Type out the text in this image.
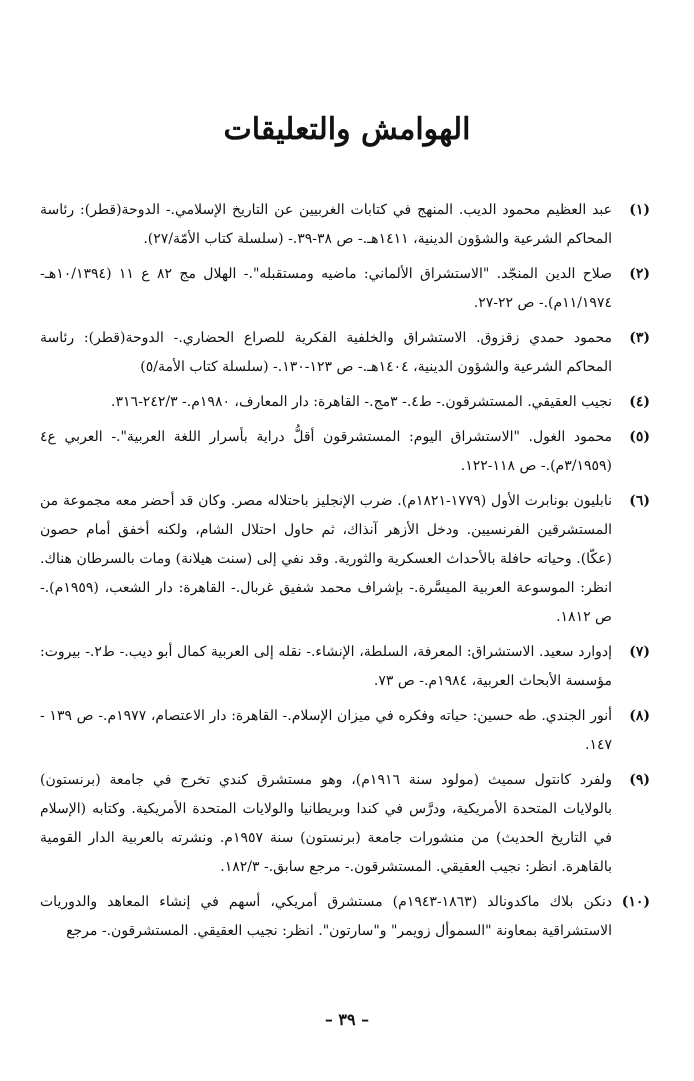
الهوامش والتعليقات
(١)
عبد العظيم محمود الديب. المنهج في كتابات الغربيين عن التاريخ الإسلامي.- الدوحة(قطر): رئاسة المحاكم الشرعية والشؤون الدينية، ١٤١١هـ.- ص ٣٨-٣٩.- (سلسلة كتاب الأمّة/٢٧).
(٢)
صلاح الدين المنجّد. "الاستشراق الألماني: ماضيه ومستقبله".- الهلال مج ٨٢ ع ١١ (١٠/١٣٩٤هـ- ١١/١٩٧٤م).- ص ٢٢-٢٧.
(٣)
محمود حمدي زقزوق. الاستشراق والخلفية الفكرية للصراع الحضاري.- الدوحة(قطر): رئاسة المحاكم الشرعية والشؤون الدينية، ١٤٠٤هـ.- ص ١٢٣-١٣٠.- (سلسلة كتاب الأمة/٥)
(٤)
نجيب العقيقي. المستشرقون.- ط٤.- ٣مج.- القاهرة: دار المعارف، ١٩٨٠م.- ٢٤٢/٣-٣١٦.
(٥)
محمود الغول. "الاستشراق اليوم: المستشرقون أقلُّ دراية بأسرار اللغة العربية".- العربي ع٤ (٣/١٩٥٩م).- ص ١١٨-١٢٢.
(٦)
نابليون بونابرت الأول (١٧٧٩-١٨٢١م). ضرب الإنجليز باحتلاله مصر. وكان قد أحضر معه مجموعة من المستشرقين الفرنسيين. ودخل الأزهر آنذاك، ثم حاول احتلال الشام، ولكنه أخفق أمام حصون (عكّا). وحياته حافلة بالأحداث العسكرية والثورية. وقد نفي إلى (سنت هيلانة) ومات بالسرطان هناك. انظر: الموسوعة العربية الميسَّرة.- بإشراف محمد شفيق غربال.- القاهرة: دار الشعب، (١٩٥٩م).- ص ١٨١٢.
(٧)
إدوارد سعيد. الاستشراق: المعرفة، السلطة، الإنشاء.- نقله إلى العربية كمال أبو ديب.- ط٢.- بيروت: مؤسسة الأبحاث العربية، ١٩٨٤م.- ص ٧٣.
(٨)
أنور الجندي. طه حسين: حياته وفكره في ميزان الإسلام.- القاهرة: دار الاعتصام، ١٩٧٧م.- ص ١٣٩ - ١٤٧.
(٩)
ولفرد كانتول سميث (مولود سنة ١٩١٦م)، وهو مستشرق كندي تخرج في جامعة (برنستون) بالولايات المتحدة الأمريكية، ودرَّس في كندا وبريطانيا والولايات المتحدة الأمريكية. وكتابه (الإسلام في التاريخ الحديث) من منشورات جامعة (برنستون) سنة ١٩٥٧م. ونشرته بالعربية الدار القومية بالقاهرة. انظر: نجيب العقيقي. المستشرقون.- مرجع سابق.- ١٨٢/٣.
(١٠)
دنكن بلاك ماكدونالد (١٨٦٣-١٩٤٣م) مستشرق أمريكي، أسهم في إنشاء المعاهد والدوريات الاستشراقية بمعاونة "السموأل زويمر" و"سارتون". انظر: نجيب العقيقي. المستشرقون.- مرجع
– ٣٩ –
